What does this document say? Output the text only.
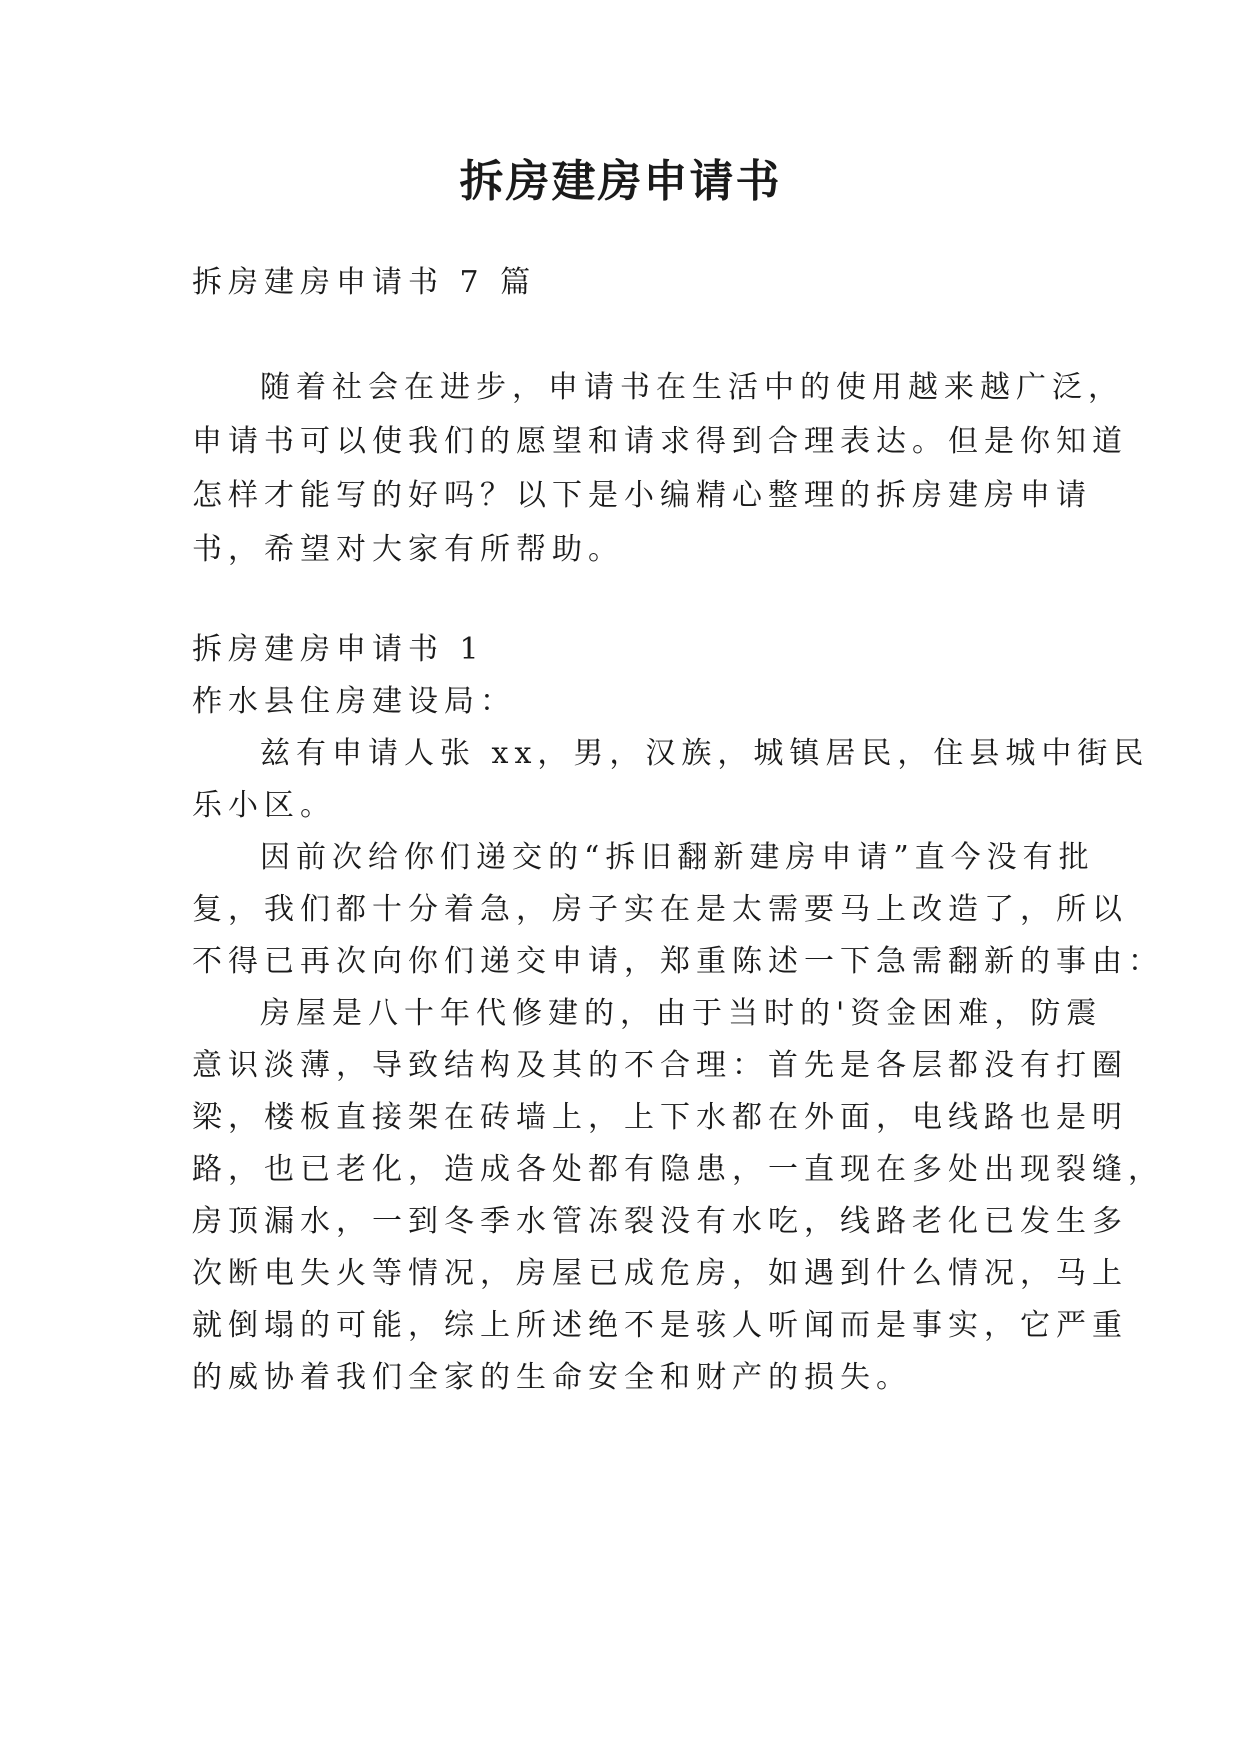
拆房建房申请书
拆房建房申请书 7 篇
随着社会在进步，申请书在生活中的使用越来越广泛，
申请书可以使我们的愿望和请求得到合理表达。但是你知道
怎样才能写的好吗？以下是小编精心整理的拆房建房申请
书，希望对大家有所帮助。
拆房建房申请书 1
柞水县住房建设局：
兹有申请人张 xx，男，汉族，城镇居民，住县城中街民
乐小区。
因前次给你们递交的“拆旧翻新建房申请”直今没有批
复，我们都十分着急，房子实在是太需要马上改造了，所以
不得已再次向你们递交申请，郑重陈述一下急需翻新的事由：
房屋是八十年代修建的，由于当时的'资金困难，防震
意识淡薄，导致结构及其的不合理：首先是各层都没有打圈
梁，楼板直接架在砖墙上，上下水都在外面，电线路也是明
路，也已老化，造成各处都有隐患，一直现在多处出现裂缝，
房顶漏水，一到冬季水管冻裂没有水吃，线路老化已发生多
次断电失火等情况，房屋已成危房，如遇到什么情况，马上
就倒塌的可能，综上所述绝不是骇人听闻而是事实，它严重
的威协着我们全家的生命安全和财产的损失。
